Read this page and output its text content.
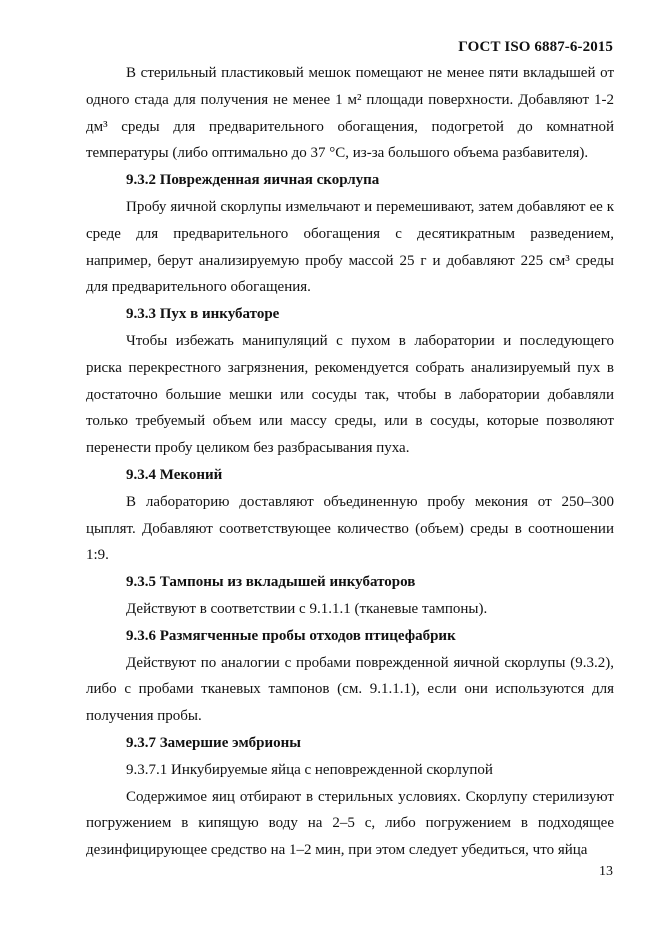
ГОСТ ISO 6887-6-2015

В стерильный пластиковый мешок помещают не менее пяти вкладышей от одного стада для получения не менее 1 м² площади поверхности. Добавляют 1-2 дм³ среды для предварительного обогащения, подогретой до комнатной температуры (либо оптимально до 37 °С, из-за большого объема разбавителя).

9.3.2 Поврежденная яичная скорлупа

Пробу яичной скорлупы измельчают и перемешивают, затем добавляют ее к среде для предварительного обогащения с десятикратным разведением, например, берут анализируемую пробу массой 25 г и добавляют 225 см³ среды для предварительного обогащения.

9.3.3 Пух в инкубаторе

Чтобы избежать манипуляций с пухом в лаборатории и последующего риска перекрестного загрязнения, рекомендуется собрать анализируемый пух в достаточно большие мешки или сосуды так, чтобы в лаборатории добавляли только требуемый объем или массу среды, или в сосуды, которые позволяют перенести пробу целиком без разбрасывания пуха.

9.3.4 Меконий

В лабораторию доставляют объединенную пробу мекония от 250–300 цыплят. Добавляют соответствующее количество (объем) среды в соотношении 1:9.

9.3.5 Тампоны из вкладышей инкубаторов

Действуют в соответствии с 9.1.1.1 (тканевые тампоны).

9.3.6 Размягченные пробы отходов птицефабрик

Действуют по аналогии с пробами поврежденной яичной скорлупы (9.3.2), либо с пробами тканевых тампонов (см. 9.1.1.1), если они используются для получения пробы.

9.3.7 Замершие эмбрионы

9.3.7.1 Инкубируемые яйца с неповрежденной скорлупой

Содержимое яиц отбирают в стерильных условиях. Скорлупу стерилизуют погружением в кипящую воду на 2–5 с, либо погружением в подходящее дезинфицирующее средство на 1–2 мин, при этом следует убедиться, что яйца

13
